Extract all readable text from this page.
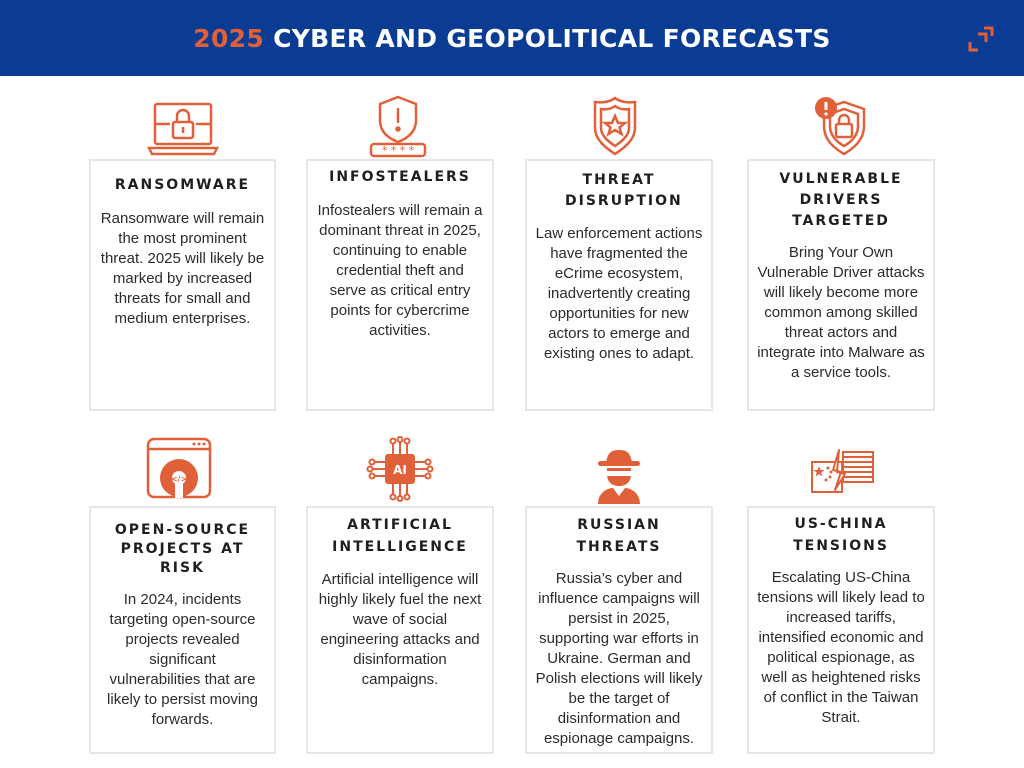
2025 CYBER AND GEOPOLITICAL FORECASTS
* * * *
RANSOMWARE

Ransomware will remain the most prominent threat. 2025 will likely be marked by increased threats for small and medium enterprises.

INFOSTEALERS

Infostealers will remain a dominant threat in 2025, continuing to enable credential theft and serve as critical entry points for cybercrime activities.

THREAT DISRUPTION

Law enforcement actions have fragmented the eCrime ecosystem, inadvertently creating opportunities for new actors to emerge and existing ones to adapt.

VULNERABLE DRIVERS TARGETED

Bring Your Own Vulnerable Driver attacks will likely become more common among skilled threat actors and integrate into Malware as a service tools.

</>
AI
OPEN-SOURCE PROJECTS AT RISK

In 2024, incidents targeting open-source projects revealed significant vulnerabilities that are likely to persist moving forwards.

ARTIFICIAL INTELLIGENCE

Artificial intelligence will highly likely fuel the next wave of social engineering attacks and disinformation campaigns.

RUSSIAN THREATS

Russia’s cyber and influence campaigns will persist in 2025, supporting war efforts in Ukraine. German and Polish elections will likely be the target of disinformation and espionage campaigns.

US-CHINA TENSIONS

Escalating US-China tensions will likely lead to increased tariffs, intensified economic and political espionage, as well as heightened risks of conflict in the Taiwan Strait.
